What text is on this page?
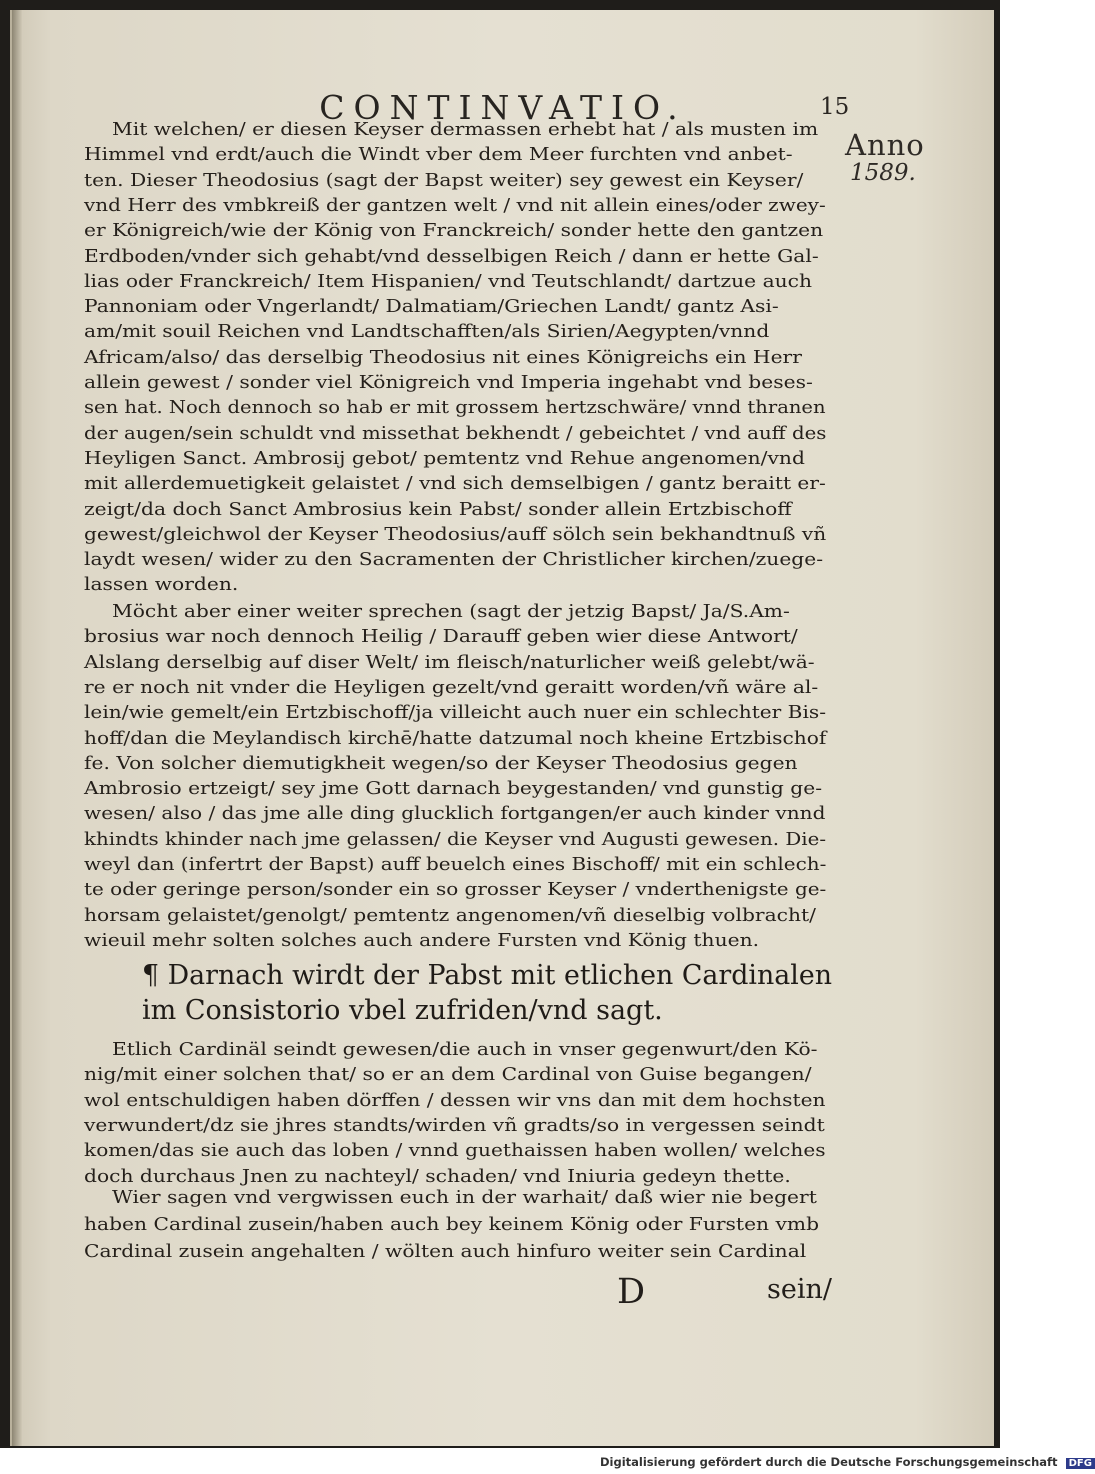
CONTINVATIO.	15
Anno
1589.
Mit welchen/ er diesen Keyser dermassen erhebt hat / als musten im
Himmel vnd erdt/auch die Windt vber dem Meer furchten vnd anbet-
ten. Dieser Theodosius (sagt der Bapst weiter) sey gewest ein Keyser/
vnd Herr des vmbkreiß der gantzen welt / vnd nit allein eines/oder zwey-
er Königreich/wie der König von Franckreich/ sonder hette den gantzen
Erdboden/vnder sich gehabt/vnd desselbigen Reich / dann er hette Gal-
lias oder Franckreich/ Item Hispanien/ vnd Teutschlandt/ dartzue auch
Pannoniam oder Vngerlandt/ Dalmatiam/Griechen Landt/ gantz Asi-
am/mit souil Reichen vnd Landtschafften/als Sirien/Aegypten/vnnd
Africam/also/ das derselbig Theodosius nit eines Königreichs ein Herr
allein gewest / sonder viel Königreich vnd Imperia ingehabt vnd beses-
sen hat. Noch dennoch so hab er mit grossem hertzschwäre/ vnnd thranen
der augen/sein schuldt vnd missethat bekhendt / gebeichtet / vnd auff des
Heyligen Sanct. Ambrosij gebot/ pemtentz vnd Rehue angenomen/vnd
mit allerdemuetigkeit gelaistet / vnd sich demselbigen / gantz beraitt er-
zeigt/da doch Sanct Ambrosius kein Pabst/ sonder allein Ertzbischoff
gewest/gleichwol der Keyser Theodosius/auff sölch sein bekhandtnuß vñ
laydt wesen/ wider zu den Sacramenten der Christlicher kirchen/zuege-
lassen worden.
Möcht aber einer weiter sprechen (sagt der jetzig Bapst/ Ja/S.Am-
brosius war noch dennoch Heilig / Darauff geben wier diese Antwort/
Alslang derselbig auf diser Welt/ im fleisch/naturlicher weiß gelebt/wä-
re er noch nit vnder die Heyligen gezelt/vnd geraitt worden/vñ wäre al-
lein/wie gemelt/ein Ertzbischoff/ja villeicht auch nuer ein schlechter Bis-
hoff/dan die Meylandisch kirchē/hatte datzumal noch kheine Ertzbischof
fe. Von solcher diemutigkheit wegen/so der Keyser Theodosius gegen
Ambrosio ertzeigt/ sey jme Gott darnach beygestanden/ vnd gunstig ge-
wesen/ also / das jme alle ding glucklich fortgangen/er auch kinder vnnd
khindts khinder nach jme gelassen/ die Keyser vnd Augusti gewesen. Die-
weyl dan (infertrt der Bapst) auff beuelch eines Bischoff/ mit ein schlech-
te oder geringe person/sonder ein so grosser Keyser / vnderthenigste ge-
horsam gelaistet/genolgt/ pemtentz angenomen/vñ dieselbig volbracht/
wieuil mehr solten solches auch andere Fursten vnd König thuen.
¶ Darnach wirdt der Pabst mit etlichen Cardinalen
im Consistorio vbel zufriden/vnd sagt.
Etlich Cardinäl seindt gewesen/die auch in vnser gegenwurt/den Kö-
nig/mit einer solchen that/ so er an dem Cardinal von Guise begangen/
wol entschuldigen haben dörffen / dessen wir vns dan mit dem hochsten
verwundert/dz sie jhres standts/wirden vñ gradts/so in vergessen seindt
komen/das sie auch das loben / vnnd guethaissen haben wollen/ welches
doch durchaus Jnen zu nachteyl/ schaden/ vnd Iniuria gedeyn thette.
Wier sagen vnd vergwissen euch in der warhait/ daß wier nie begert
haben Cardinal zusein/haben auch bey keinem König oder Fursten vmb
Cardinal zusein angehalten / wölten auch hinfuro weiter sein Cardinal
D	sein/
Digitalisierung gefördert durch die Deutsche Forschungsgemeinschaft DFG
